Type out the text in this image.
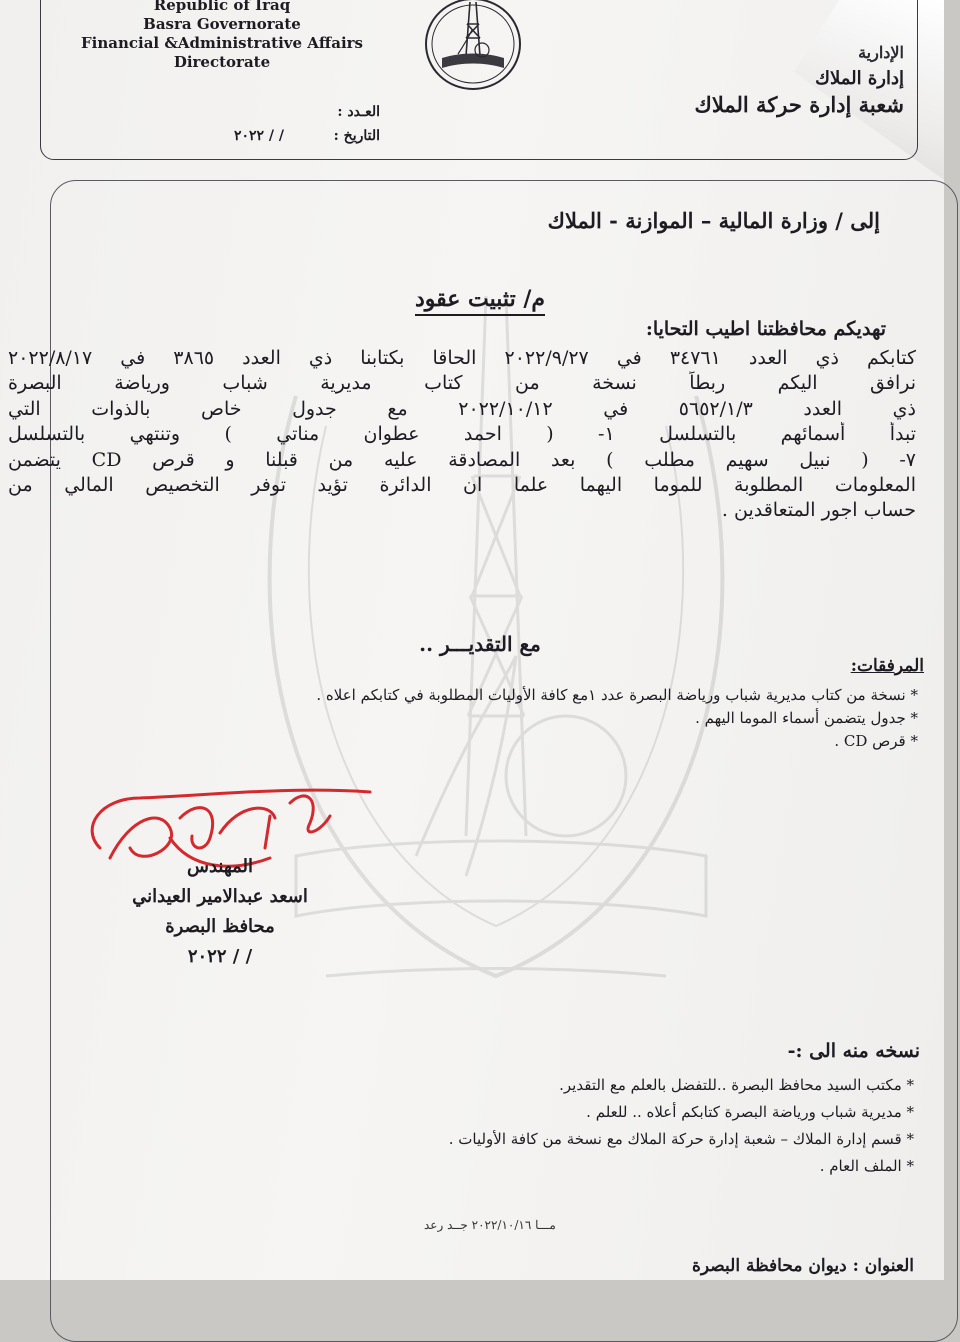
Republic of Iraq
Basra Governorate
Financial &Administrative Affairs
Directorate	الإدارية
إدارة الملاك
شعبة إدارة حركة الملاك
العـدد :
التاريخ :/ / ٢٠٢٢
إلى / وزارة المالية – الموازنة - الملاك
م/ تثبيت عقود
تهديكم محافظتنا اطيب التحايا:
كتابكم ذي العدد ٣٤٧٦١ في ٢٠٢٢/٩/٢٧ الحاقا بكتابنا ذي العدد ٣٨٦٥ في ٢٠٢٢/٨/١٧
نرافق اليكم ربطاً نسخة من كتاب مديرية شباب ورياضة البصرة
ذي العدد ٥٦٥٢/١/٣ في ٢٠٢٢/١٠/١٢ مع جدول خاص بالذوات التي
تبدأ أسمائهم بالتسلسل ١- ( احمد عطوان مناتي ) وتنتهي بالتسلسل
٧- ( نبيل سهيم مطلب ) بعد المصادقة عليه من قبلنا و قرص CD يتضمن
المعلومات المطلوبة للموما اليهما علما ان الدائرة تؤيد توفر التخصيص المالي من
حساب اجور المتعاقدين .
مع التقديـــر ..
المرفقات:
* نسخة من كتاب مديرية شباب ورياضة البصرة عدد ١مع كافة الأوليات المطلوبة في كتابكم اعلاه .
* جدول يتضمن أسماء الموما اليهم .
* قرص CD .
المهندس
اسعد عبدالامير العيداني
محافظ البصرة
/ / ٢٠٢٢
نسخه منه الى :-
* مكتب السيد محافظ البصرة ..للتفضل بالعلم مع التقدير.
* مديرية شباب ورياضة البصرة كتابكم أعلاه .. للعلم .
* قسم إدارة الملاك – شعبة إدارة حركة الملاك مع نسخة من كافة الأوليات .
* الملف العام .
مـــا ٢٠٢٢/١٠/١٦ جــد رعد
العنوان : ديوان محافظة البصرة
